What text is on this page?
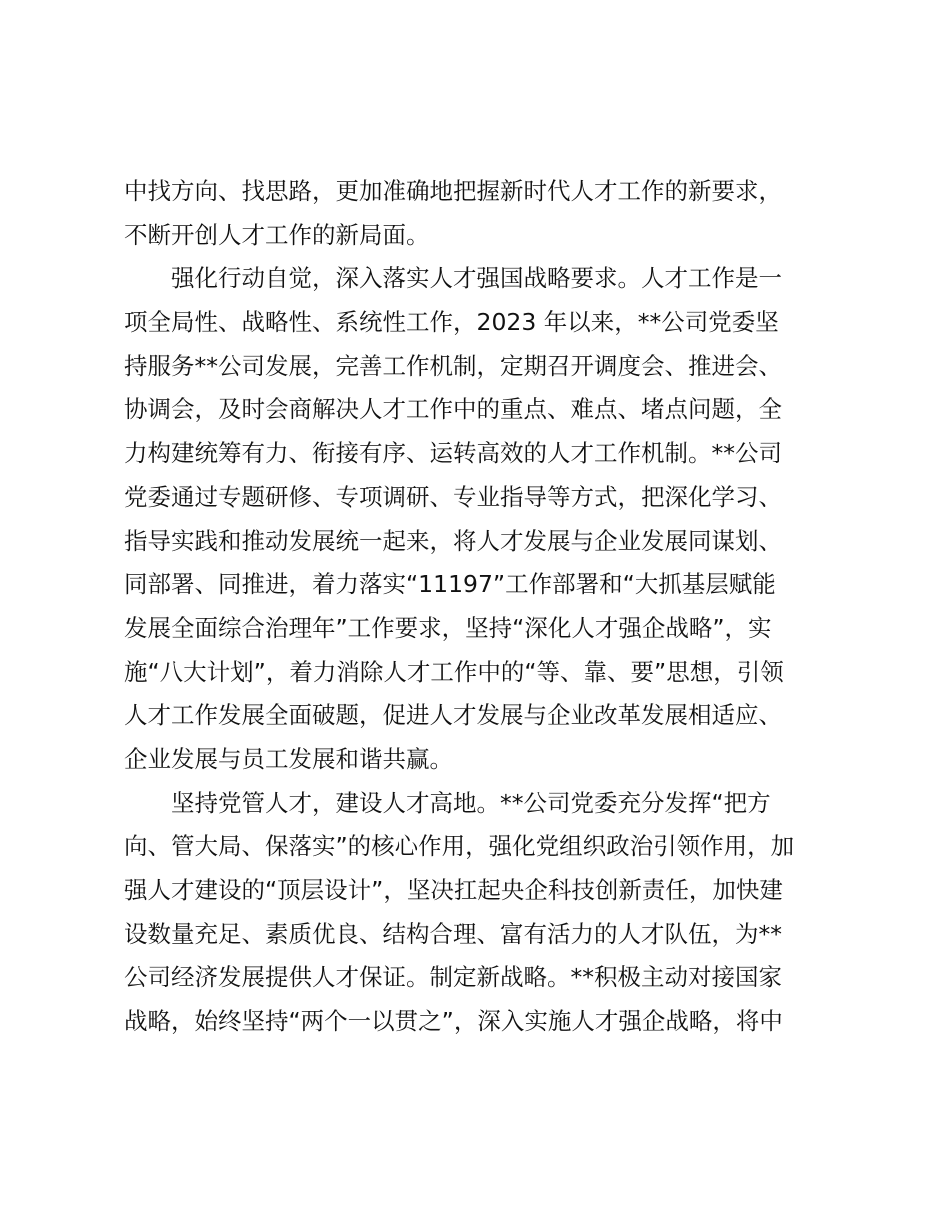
中找方向、找思路，更加准确地把握新时代人才工作的新要求，
不断开创人才工作的新局面。
强化行动自觉，深入落实人才强国战略要求。人才工作是一
项全局性、战略性、系统性工作，2023 年以来，**公司党委坚
持服务**公司发展，完善工作机制，定期召开调度会、推进会、
协调会，及时会商解决人才工作中的重点、难点、堵点问题，全
力构建统筹有力、衔接有序、运转高效的人才工作机制。**公司
党委通过专题研修、专项调研、专业指导等方式，把深化学习、
指导实践和推动发展统一起来，将人才发展与企业发展同谋划、
同部署、同推进，着力落实“11197”工作部署和“大抓基层赋能
发展全面综合治理年”工作要求，坚持“深化人才强企战略”，实
施“八大计划”，着力消除人才工作中的“等、靠、要”思想，引领
人才工作发展全面破题，促进人才发展与企业改革发展相适应、
企业发展与员工发展和谐共赢。
坚持党管人才，建设人才高地。**公司党委充分发挥“把方
向、管大局、保落实”的核心作用，强化党组织政治引领作用，加
强人才建设的“顶层设计”，坚决扛起央企科技创新责任，加快建
设数量充足、素质优良、结构合理、富有活力的人才队伍，为**
公司经济发展提供人才保证。制定新战略。**积极主动对接国家
战略，始终坚持“两个一以贯之”，深入实施人才强企战略，将中
